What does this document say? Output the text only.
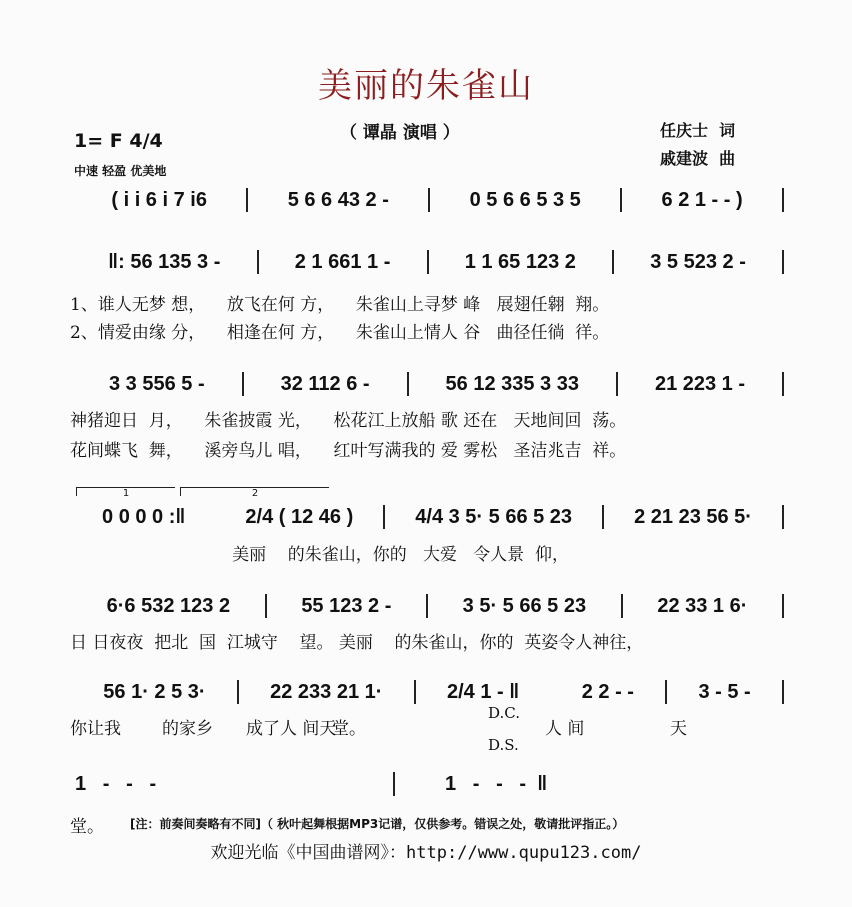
美丽的朱雀山
（ 谭晶 演唱 ）	任庆士  词
戚建波  曲
1= F 4/4
中速 轻盈 优美地
( i i 6 i 7 i6	5 6 6 43 2 -	0 5 6 6 5 3 5	6 2 1 - - )
‖: 56 135 3 -	2 1 661 1 -	1 1 65 123 2	3 5 523 2 -
1、谁人无梦 想，    放飞在何 方，    朱雀山上寻梦 峰   展翅任翱  翔。
2、情爱由缘 分，    相逢在何 方，    朱雀山上情人 谷   曲径任徜  徉。
3 3 556 5 -	32 112 6 -	56 12 335 3 33	21 223 1 -
神猪迎日  月，    朱雀披霞 光，    松花江上放船 歌 还在   天地间回  荡。
花间蝶飞  舞，    溪旁鸟儿 唱，    红叶写满我的 爱 雾松   圣洁兆吉  祥。
1	2
0 0 0 0 :‖	2/4 ( 12 46 )	4/4 3 5· 5 66 5 23	2 21 23 56 5·
美丽    的朱雀山，你的   大爱   令人景  仰，
6·6 532 123 2	55 123 2 -	3 5· 5 66 5 23	22 33 1 6·
日 日夜夜  把北  国  江城守    望。 美丽    的朱雀山，你的  英姿令人神往，
56 1· 2 5 3·	22 233 21 1·	2/4 1 - ‖	2 2 - -	3 - 5 -
你让我 的家乡 成了人 间天
堂。	人 间 天
D.C.
D.S.
1   -   -   -	1   -   -   -  ‖
堂。	[注：前奏间奏略有不同]（ 秋叶起舞根据MP3记谱，仅供参考。错误之处，敬请批评指正。）
欢迎光临《中国曲谱网》：http://www.qupu123.com/
